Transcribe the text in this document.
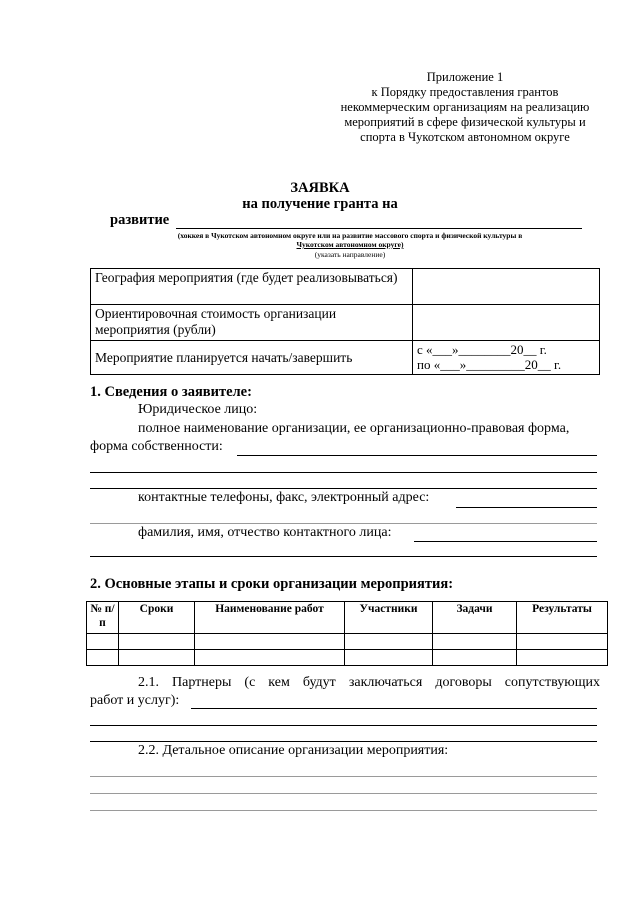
Приложение 1
к Порядку предоставления грантов
некоммерческим организациям на реализацию
мероприятий в сфере физической культуры и
спорта в Чукотском автономном округе
ЗАЯВКА
на получение гранта на
развитие
(хоккея в Чукотском автономном округе или на развитие массового спорта и физической культуры в
Чукотском автономном округе)
(указать направление)
География мероприятия (где будет реализовываться)	
Ориентировочная стоимость организации мероприятия (рубли)	
Мероприятие планируется начать/завершить	с «___»________20__ г.
по «___»_________20__ г.
1. Сведения о заявителе:
Юридическое лицо:
полное наименование организации, ее организационно-правовая форма,
форма собственности:
контактные телефоны, факс, электронный адрес:
фамилия, имя, отчество контактного лица:
2. Основные этапы и сроки организации мероприятия:
№ п/п	Сроки	Наименование работ	Участники	Задачи	Результаты

2.1. Партнеры (с кем будут заключаться договоры сопутствующих
работ и услуг):
2.2. Детальное описание организации мероприятия:
